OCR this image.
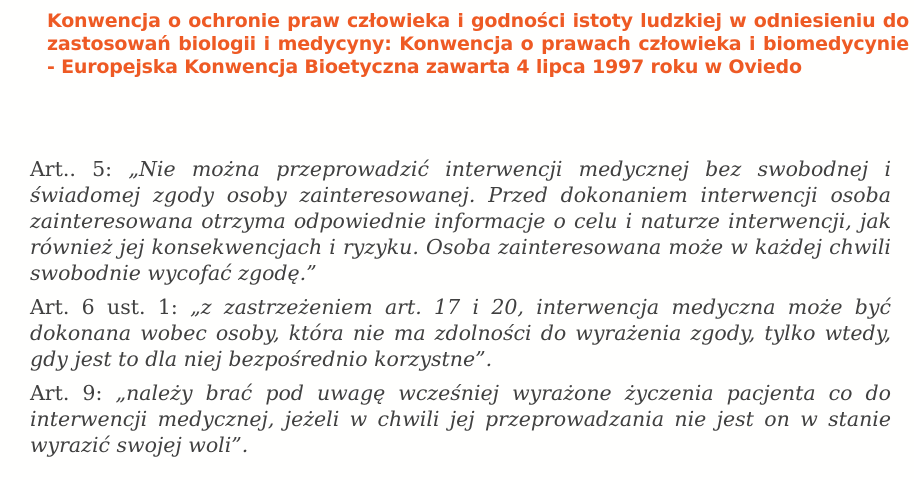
Konwencja o ochronie praw człowieka i godności istoty ludzkiej w odniesieniu do zastosowań biologii i medycyny: Konwencja o prawach człowieka i biomedycynie - Europejska Konwencja Bioetyczna zawarta 4 lipca 1997 roku w Oviedo

Art.. 5: „Nie można przeprowadzić interwencji medycznej bez swobodnej i świadomej zgody osoby zainteresowanej. Przed dokonaniem interwencji osoba zainteresowana otrzyma odpowiednie informacje o celu i naturze interwencji, jak również jej konsekwencjach i ryzyku. Osoba zainteresowana może w każdej chwili swobodnie wycofać zgodę.”

Art. 6 ust. 1: „z zastrzeżeniem art. 17 i 20, interwencja medyczna może być dokonana wobec osoby, która nie ma zdolności do wyrażenia zgody, tylko wtedy, gdy jest to dla niej bezpośrednio korzystne”.

Art. 9: „należy brać pod uwagę wcześniej wyrażone życzenia pacjenta co do interwencji medycznej, jeżeli w chwili jej przeprowadzania nie jest on w stanie wyrazić swojej woli”.
